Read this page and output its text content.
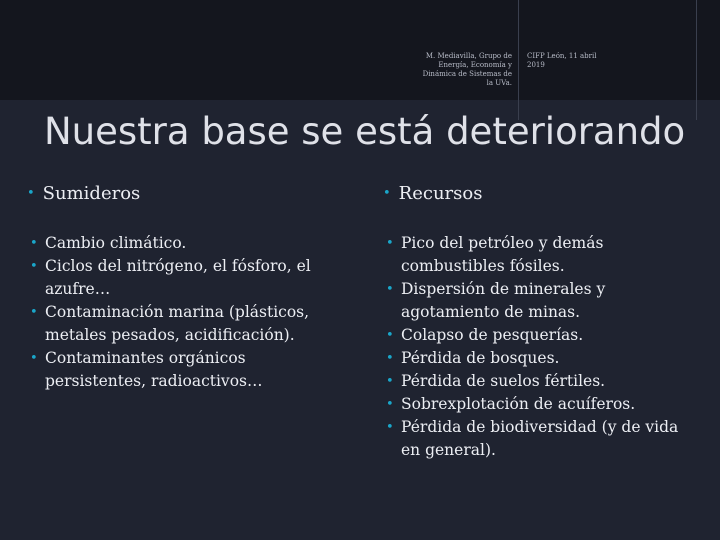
M. Mediavilla, Grupo de Energía, Economía y Dinámica de Sistemas de la UVa.
CIFP León, 11 abril 2019
Nuestra base se está deteriorando
• Sumideros	• Recursos
• Cambio climático.
• Ciclos del nitrógeno, el fósforo, el azufre…
• Contaminación marina (plásticos, metales pesados, acidificación).
• Contaminantes orgánicos persistentes, radioactivos…
• Pico del petróleo y demás combustibles fósiles.
• Dispersión de minerales y agotamiento de minas.
• Colapso de pesquerías.
• Pérdida de bosques.
• Pérdida de suelos fértiles.
• Sobrexplotación de acuíferos.
• Pérdida de biodiversidad (y de vida en general).
